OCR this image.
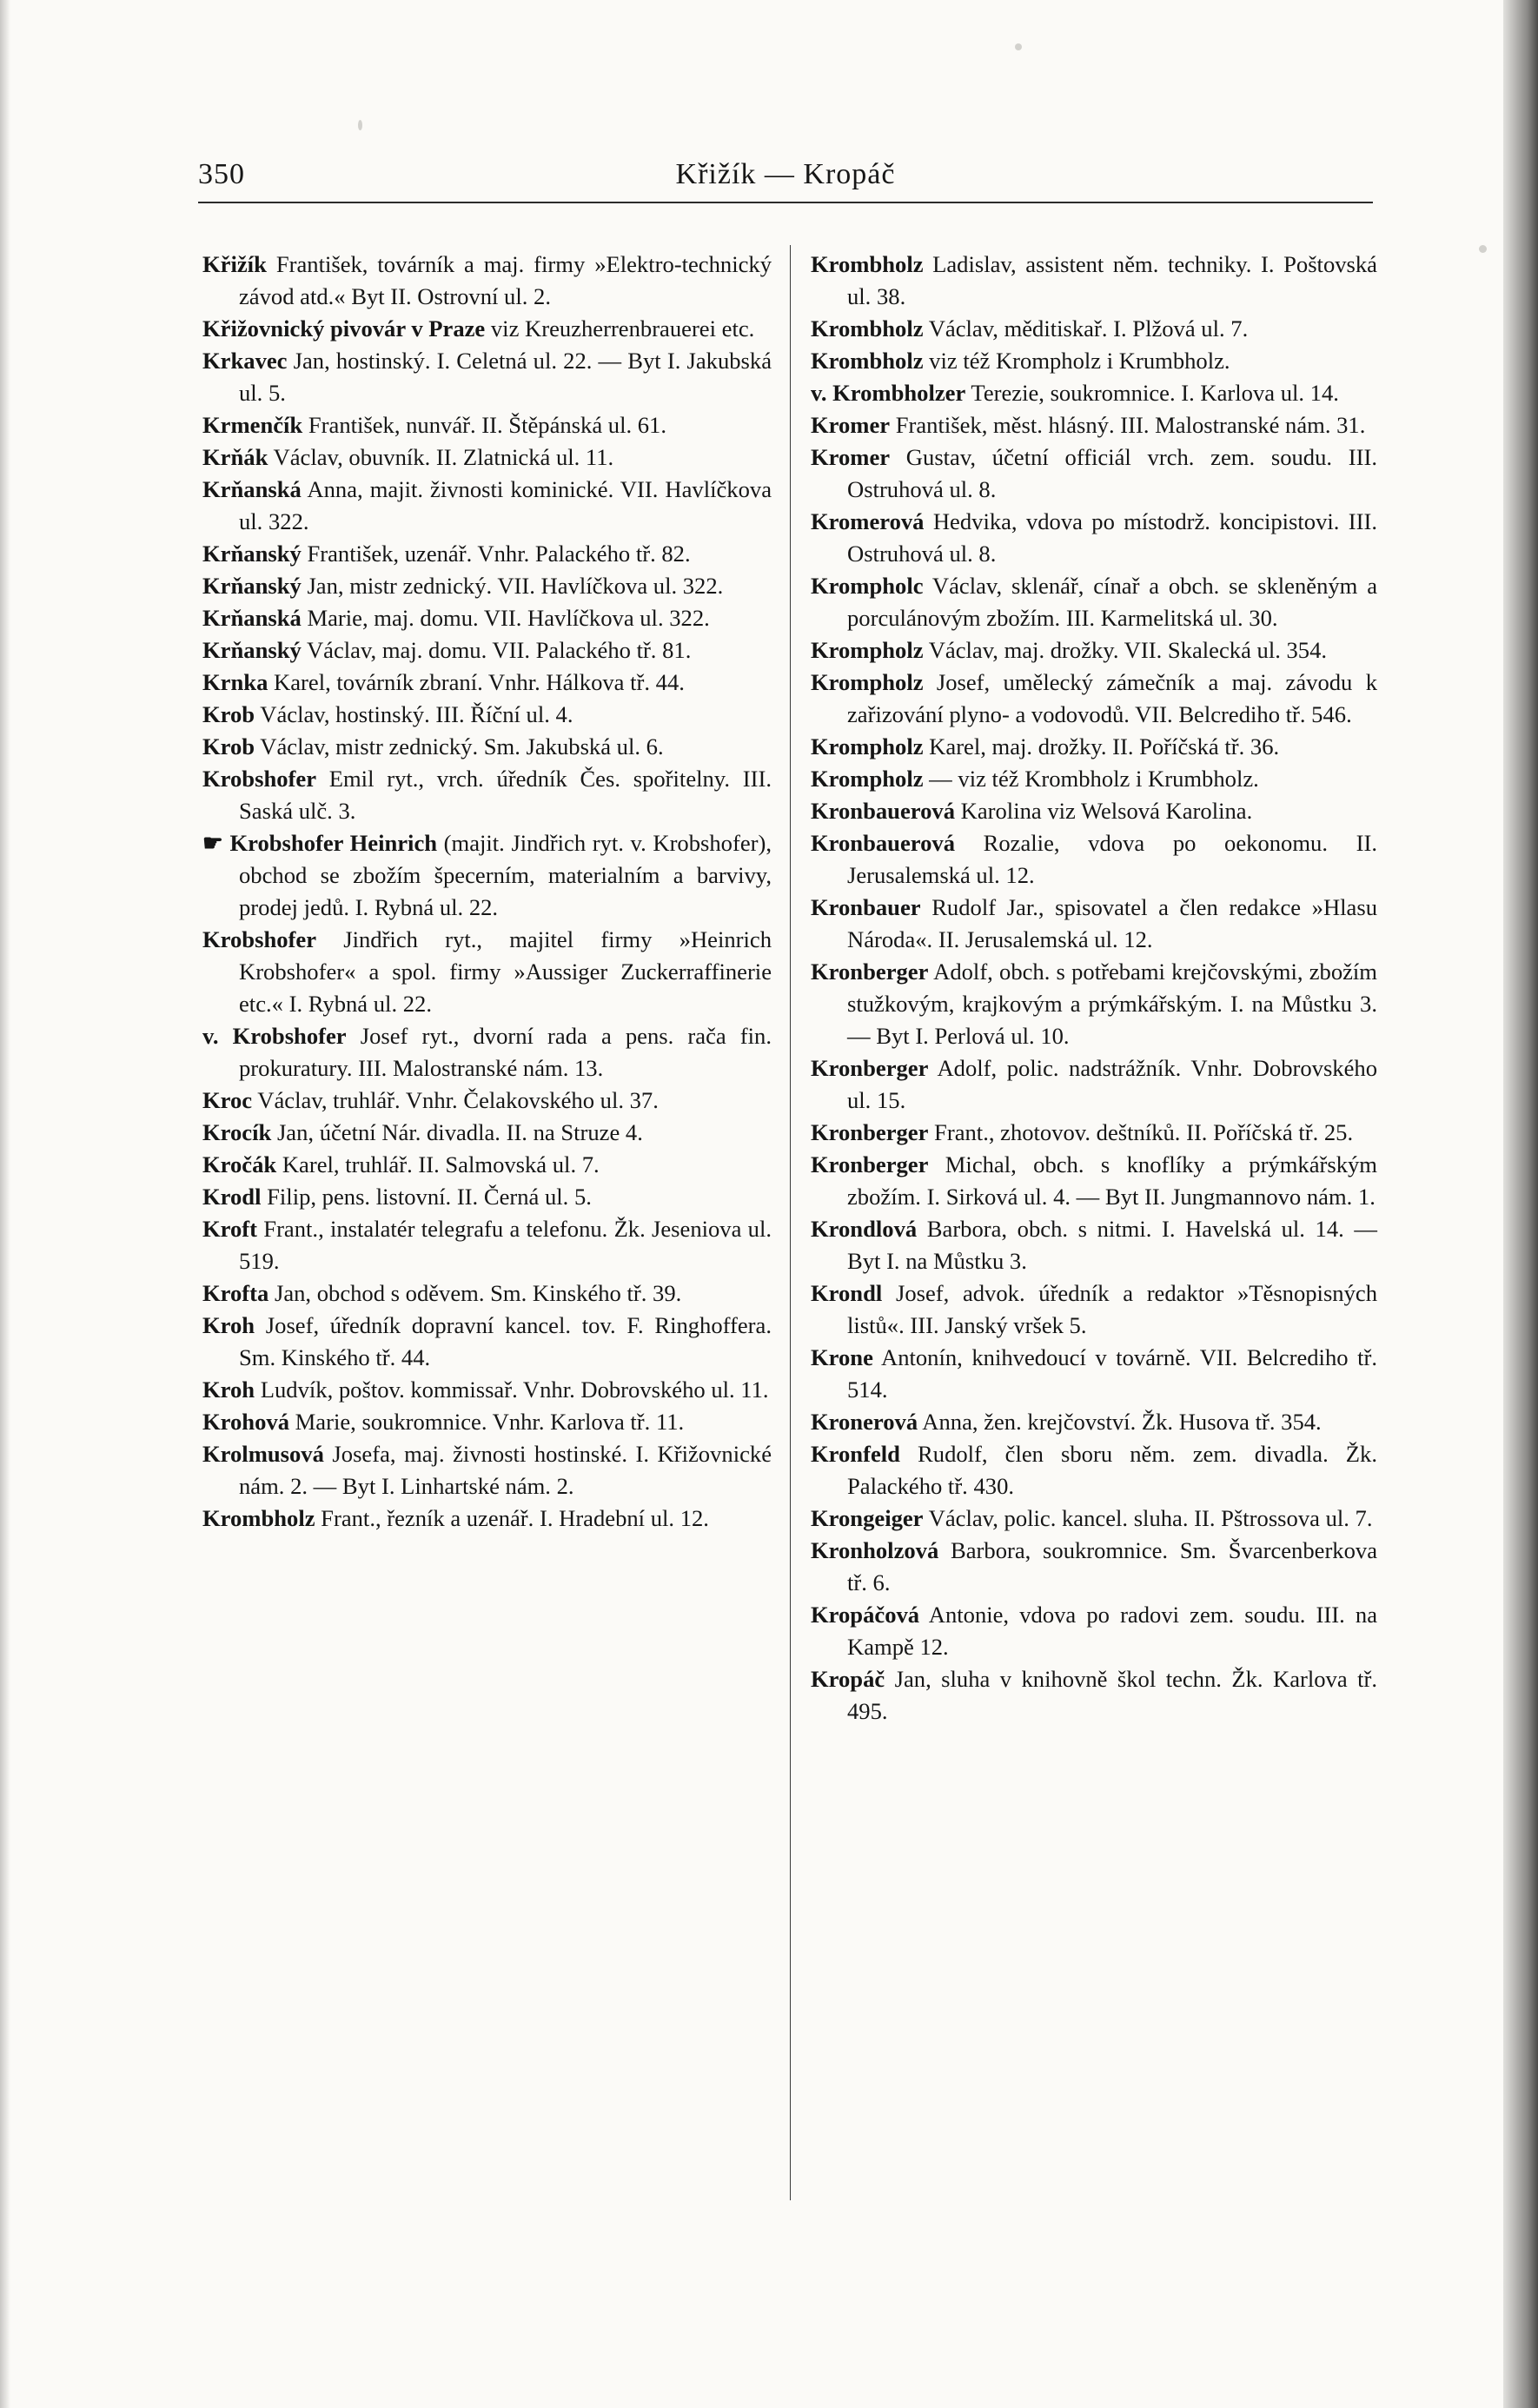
350	Křižík — Kropáč

Křižík František, továrník a maj. firmy »Elektro-technický závod atd.« Byt II. Ostrovní ul. 2.

Křižovnický pivovár v Praze viz Kreuzherrenbrauerei etc.

Krkavec Jan, hostinský. I. Celetná ul. 22. — Byt I. Jakubská ul. 5.

Krmenčík František, nunvář. II. Štěpánská ul. 61.

Krňák Václav, obuvník. II. Zlatnická ul. 11.

Krňanská Anna, majit. živnosti kominické. VII. Havlíčkova ul. 322.

Krňanský František, uzenář. Vnhr. Palackého tř. 82.

Krňanský Jan, mistr zednický. VII. Havlíčkova ul. 322.

Krňanská Marie, maj. domu. VII. Havlíčkova ul. 322.

Krňanský Václav, maj. domu. VII. Palackého tř. 81.

Krnka Karel, továrník zbraní. Vnhr. Hálkova tř. 44.

Krob Václav, hostinský. III. Říční ul. 4.

Krob Václav, mistr zednický. Sm. Jakubská ul. 6.

Krobshofer Emil ryt., vrch. úředník Čes. spořitelny. III. Saská ulč. 3.

☛ Krobshofer Heinrich (majit. Jindřich ryt. v. Krobshofer), obchod se zbožím špecerním, materialním a barvivy, prodej jedů. I. Rybná ul. 22.

Krobshofer Jindřich ryt., majitel firmy »Heinrich Krobshofer« a spol. firmy »Aussiger Zuckerraffinerie etc.« I. Rybná ul. 22.

v. Krobshofer Josef ryt., dvorní rada a pens. rača fin. prokuratury. III. Malostranské nám. 13.

Kroc Václav, truhlář. Vnhr. Čelakovského ul. 37.

Krocík Jan, účetní Nár. divadla. II. na Struze 4.

Kročák Karel, truhlář. II. Salmovská ul. 7.

Krodl Filip, pens. listovní. II. Černá ul. 5.

Kroft Frant., instalatér telegrafu a telefonu. Žk. Jeseniova ul. 519.

Krofta Jan, obchod s oděvem. Sm. Kinského tř. 39.

Kroh Josef, úředník dopravní kancel. tov. F. Ringhoffera. Sm. Kinského tř. 44.

Kroh Ludvík, poštov. kommissař. Vnhr. Dobrovského ul. 11.

Krohová Marie, soukromnice. Vnhr. Karlova tř. 11.

Krolmusová Josefa, maj. živnosti hostinské. I. Křižovnické nám. 2. — Byt I. Linhartské nám. 2.

Krombholz Frant., řezník a uzenář. I. Hradební ul. 12.

Krombholz Ladislav, assistent něm. techniky. I. Poštovská ul. 38.

Krombholz Václav, měditiskař. I. Plžová ul. 7.

Krombholz viz též Krompholz i Krumbholz.

v. Krombholzer Terezie, soukromnice. I. Karlova ul. 14.

Kromer František, měst. hlásný. III. Malostranské nám. 31.

Kromer Gustav, účetní officiál vrch. zem. soudu. III. Ostruhová ul. 8.

Kromerová Hedvika, vdova po místodrž. koncipistovi. III. Ostruhová ul. 8.

Krompholc Václav, sklenář, cínař a obch. se skleněným a porculánovým zbožím. III. Karmelitská ul. 30.

Krompholz Václav, maj. drožky. VII. Skalecká ul. 354.

Krompholz Josef, umělecký zámečník a maj. závodu k zařizování plyno- a vodovodů. VII. Belcrediho tř. 546.

Krompholz Karel, maj. drožky. II. Poříčská tř. 36.

Krompholz — viz též Krombholz i Krumbholz.

Kronbauerová Karolina viz Welsová Karolina.

Kronbauerová Rozalie, vdova po oekonomu. II. Jerusalemská ul. 12.

Kronbauer Rudolf Jar., spisovatel a člen redakce »Hlasu Národa«. II. Jerusalemská ul. 12.

Kronberger Adolf, obch. s potřebami krejčovskými, zbožím stužkovým, krajkovým a prýmkářským. I. na Můstku 3. — Byt I. Perlová ul. 10.

Kronberger Adolf, polic. nadstrážník. Vnhr. Dobrovského ul. 15.

Kronberger Frant., zhotovov. deštníků. II. Poříčská tř. 25.

Kronberger Michal, obch. s knoflíky a prýmkářským zbožím. I. Sirková ul. 4. — Byt II. Jungmannovo nám. 1.

Krondlová Barbora, obch. s nitmi. I. Havelská ul. 14. — Byt I. na Můstku 3.

Krondl Josef, advok. úředník a redaktor »Těsnopisných listů«. III. Janský vršek 5.

Krone Antonín, knihvedoucí v továrně. VII. Belcrediho tř. 514.

Kronerová Anna, žen. krejčovství. Žk. Husova tř. 354.

Kronfeld Rudolf, člen sboru něm. zem. divadla. Žk. Palackého tř. 430.

Krongeiger Václav, polic. kancel. sluha. II. Pštrossova ul. 7.

Kronholzová Barbora, soukromnice. Sm. Švarcenberkova tř. 6.

Kropáčová Antonie, vdova po radovi zem. soudu. III. na Kampě 12.

Kropáč Jan, sluha v knihovně škol techn. Žk. Karlova tř. 495.
